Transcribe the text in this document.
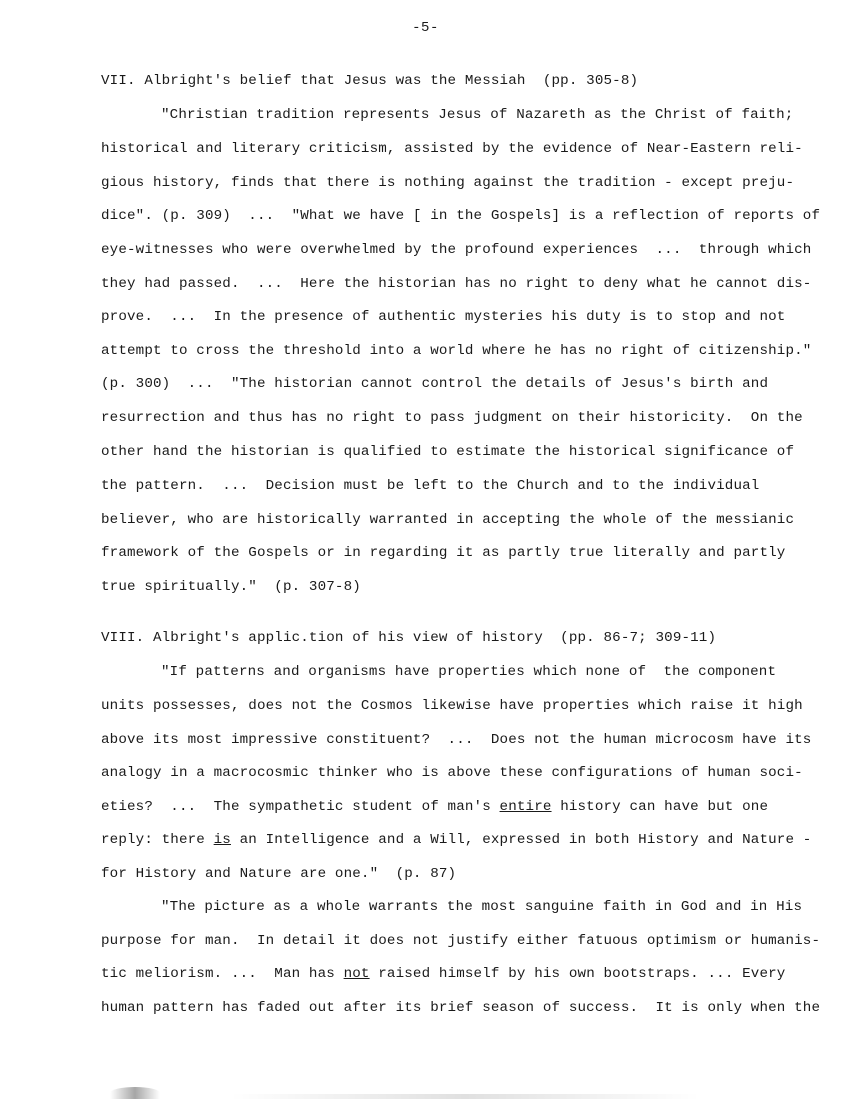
-5-
VII. Albright's belief that Jesus was the Messiah  (pp. 305-8)
"Christian tradition represents Jesus of Nazareth as the Christ of faith;
historical and literary criticism, assisted by the evidence of Near-Eastern reli-
gious history, finds that there is nothing against the tradition - except preju-
dice". (p. 309)  ...  "What we have [ in the Gospels] is a reflection of reports of
eye-witnesses who were overwhelmed by the profound experiences  ...  through which
they had passed.  ...  Here the historian has no right to deny what he cannot dis-
prove.  ...  In the presence of authentic mysteries his duty is to stop and not
attempt to cross the threshold into a world where he has no right of citizenship."
(p. 300)  ...  "The historian cannot control the details of Jesus's birth and
resurrection and thus has no right to pass judgment on their historicity.  On the
other hand the historian is qualified to estimate the historical significance of
the pattern.  ...  Decision must be left to the Church and to the individual
believer, who are historically warranted in accepting the whole of the messianic
framework of the Gospels or in regarding it as partly true literally and partly
true spiritually."  (p. 307-8)
VIII. Albright's applic.tion of his view of history  (pp. 86-7; 309-11)
"If patterns and organisms have properties which none of  the component
units possesses, does not the Cosmos likewise have properties which raise it high
above its most impressive constituent?  ...  Does not the human microcosm have its
analogy in a macrocosmic thinker who is above these configurations of human soci-
eties?  ...  The sympathetic student of man's entire history can have but one
reply: there is an Intelligence and a Will, expressed in both History and Nature -
for History and Nature are one."  (p. 87)
"The picture as a whole warrants the most sanguine faith in God and in His
purpose for man.  In detail it does not justify either fatuous optimism or humanis-
tic meliorism. ...  Man has not raised himself by his own bootstraps. ... Every
human pattern has faded out after its brief season of success.  It is only when the
